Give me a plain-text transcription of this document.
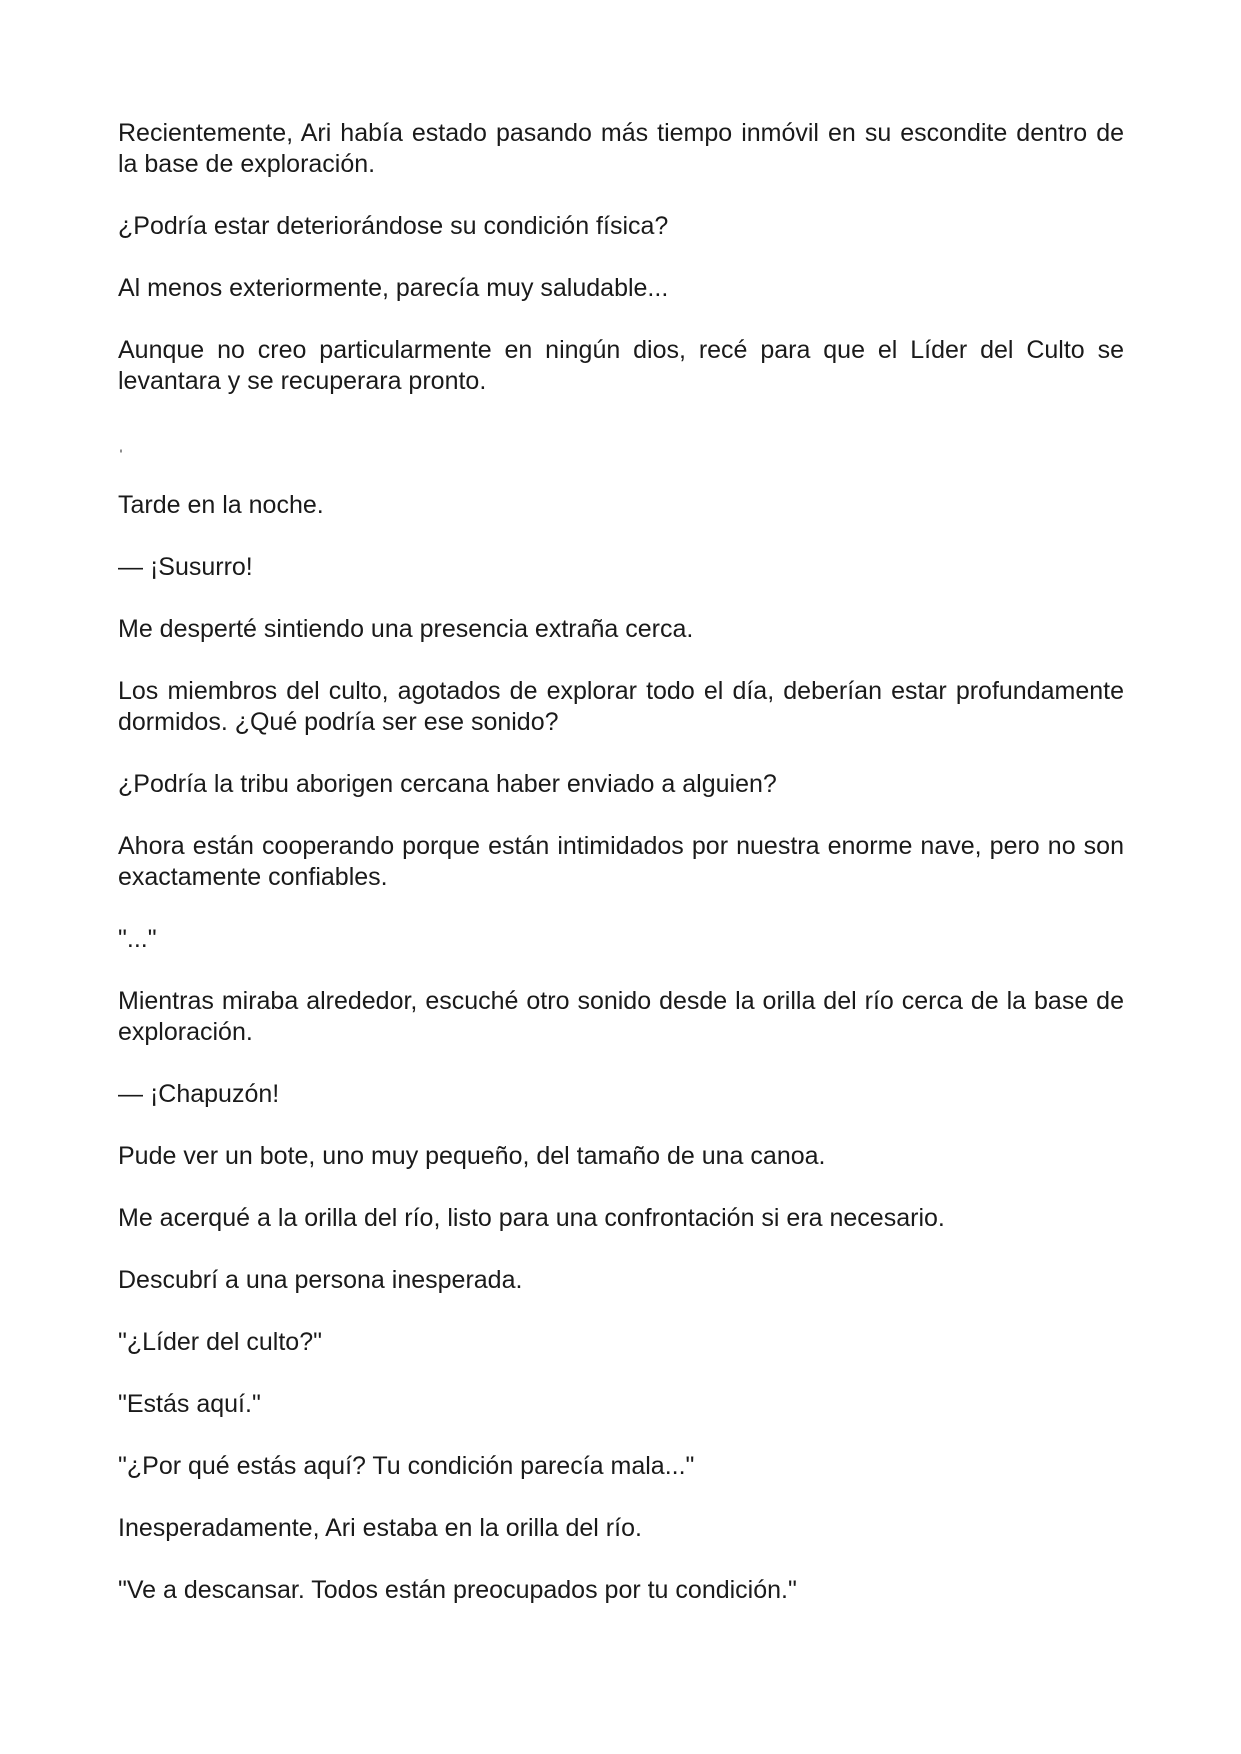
Recientemente, Ari había estado pasando más tiempo inmóvil en su escondite dentro de la base de exploración.

¿Podría estar deteriorándose su condición física?

Al menos exteriormente, parecía muy saludable...

Aunque no creo particularmente en ningún dios, recé para que el Líder del Culto se levantara y se recuperara pronto.

ˌ

Tarde en la noche.

— ¡Susurro!

Me desperté sintiendo una presencia extraña cerca.

Los miembros del culto, agotados de explorar todo el día, deberían estar profundamente dormidos. ¿Qué podría ser ese sonido?

¿Podría la tribu aborigen cercana haber enviado a alguien?

Ahora están cooperando porque están intimidados por nuestra enorme nave, pero no son exactamente confiables.

"..."

Mientras miraba alrededor, escuché otro sonido desde la orilla del río cerca de la base de exploración.

— ¡Chapuzón!

Pude ver un bote, uno muy pequeño, del tamaño de una canoa.

Me acerqué a la orilla del río, listo para una confrontación si era necesario.

Descubrí a una persona inesperada.

"¿Líder del culto?"

"Estás aquí."

"¿Por qué estás aquí? Tu condición parecía mala..."

Inesperadamente, Ari estaba en la orilla del río.

"Ve a descansar. Todos están preocupados por tu condición."
